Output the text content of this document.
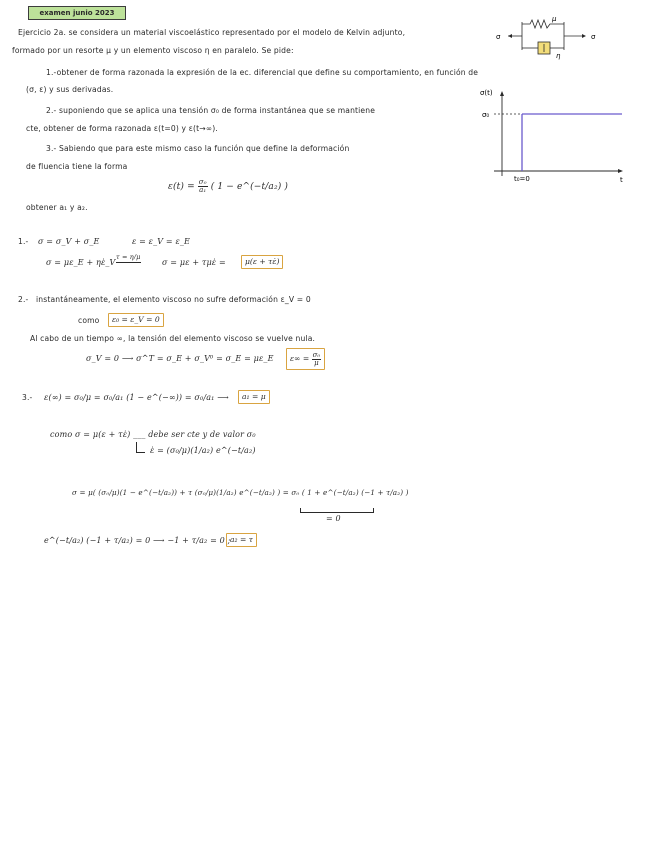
examen junio 2023
Ejercicio 2a. se considera un material viscoelástico representado por el modelo de Kelvin adjunto,
formado por un resorte μ y un elemento viscoso η en paralelo. Se pide:
1.-obtener de forma razonada la expresión de la ec. diferencial que define su comportamiento, en función de
(σ, ε) y sus derivadas.
2.- suponiendo que se aplica una tensión σ₀ de forma instantánea que se mantiene
cte, obtener de forma razonada ε(t=0) y ε(t→∞).
3.- Sabiendo que para este mismo caso la función que define la deformación
de fluencia tiene la forma
$\varepsilon(t) = \frac{\text{σ₀}}{\text{a₁}}$ ( 1 − e^(−t/a₂) )
obtener a₁ y a₂.
σ	σ
μ
η
σ(t)
σ₀
t₀=0	t
1.- σ = σ_V + σ_E	ε = ε_V = ε_E
σ = με_E + ηε̇_V
τ = η/μ
σ = με + τμε̇ =	μ(ε + τε̇)
2.- instantáneamente, el elemento viscoso no sufre deformación ε_V = 0
como	ε₀ = ε_V = 0
Al cabo de un tiempo ∞, la tensión del elemento viscoso se vuelve nula.
σ_V = 0 ⟶ σ^T = σ_E + σ_V⁰ = σ_E = με_E	$\varepsilon\infty = \frac{\text{σ₀}}{\mu}$
3.- ε(∞) = σ₀/μ = σ₀/a₁ (1 − e^(−∞)) = σ₀/a₁ ⟶	a₁ = μ
como σ = μ(ε + τε̇) ___ debe ser cte y de valor σ₀
ε̇ = (σ₀/μ)(1/a₂) e^(−t/a₂)
σ = μ( (σ₀/μ)(1 − e^(−t/a₂)) + τ (σ₀/μ)(1/a₂) e^(−t/a₂) ) = σ₀ ( 1 + e^(−t/a₂) (−1 + τ/a₂) )
= 0
e^(−t/a₂) (−1 + τ/a₂) = 0 ⟶ −1 + τ/a₂ = 0 ; a₂ = τ
